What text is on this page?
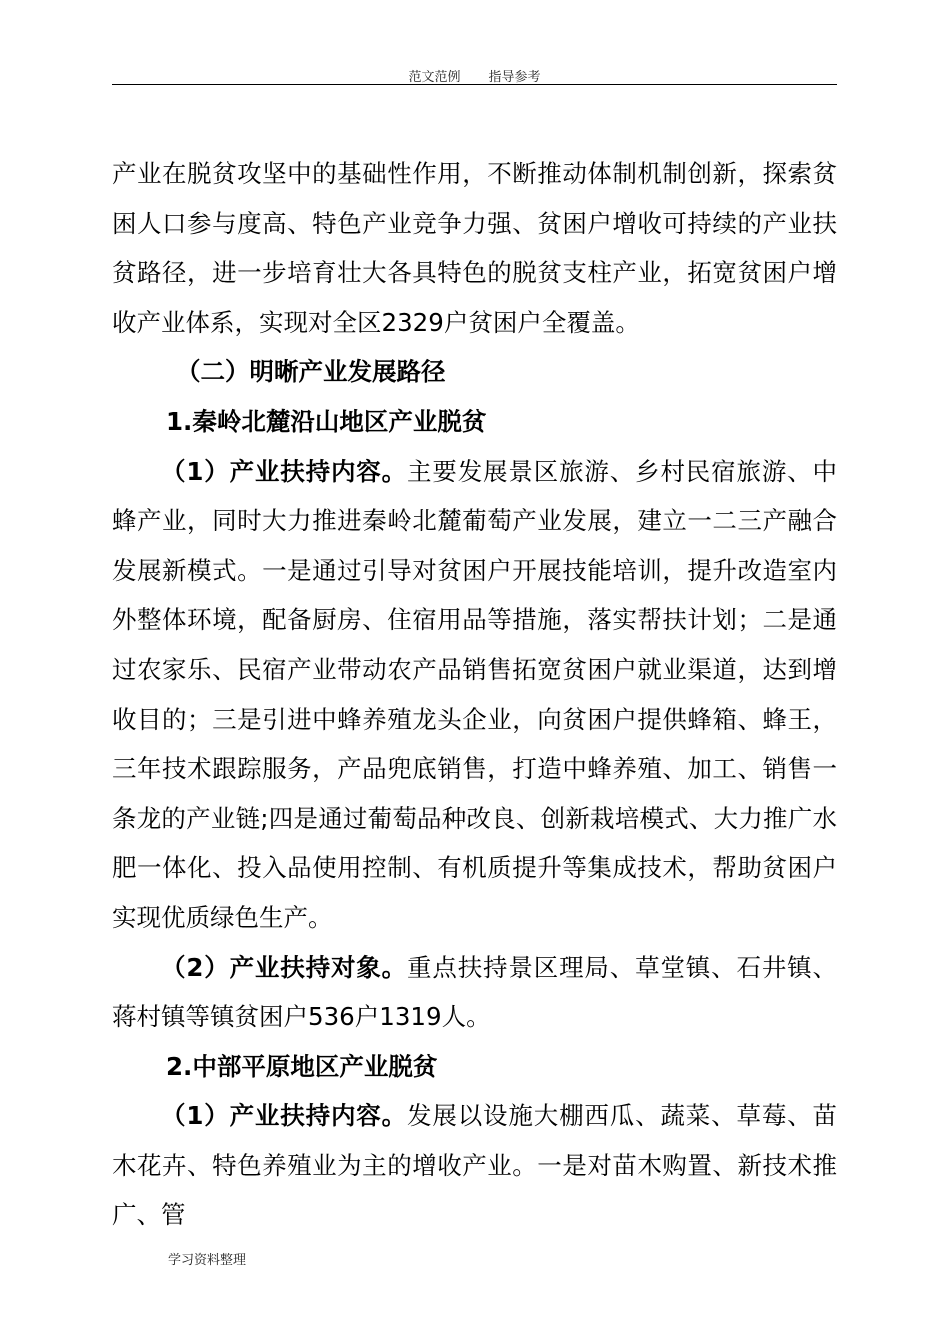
范文范例 指导参考

产业在脱贫攻坚中的基础性作用，不断推动体制机制创新，探索贫困人口参与度高、特色产业竞争力强、贫困户增收可持续的产业扶贫路径，进一步培育壮大各具特色的脱贫支柱产业，拓宽贫困户增收产业体系，实现对全区2329户贫困户全覆盖。

（二）明晰产业发展路径

1.秦岭北麓沿山地区产业脱贫

（1）产业扶持内容。主要发展景区旅游、乡村民宿旅游、中蜂产业，同时大力推进秦岭北麓葡萄产业发展，建立一二三产融合发展新模式。一是通过引导对贫困户开展技能培训，提升改造室内外整体环境，配备厨房、住宿用品等措施，落实帮扶计划；二是通过农家乐、民宿产业带动农产品销售拓宽贫困户就业渠道，达到增收目的；三是引进中蜂养殖龙头企业，向贫困户提供蜂箱、蜂王，三年技术跟踪服务，产品兜底销售，打造中蜂养殖、加工、销售一条龙的产业链;四是通过葡萄品种改良、创新栽培模式、大力推广水肥一体化、投入品使用控制、有机质提升等集成技术，帮助贫困户实现优质绿色生产。

（2）产业扶持对象。重点扶持景区理局、草堂镇、石井镇、蒋村镇等镇贫困户536户1319人。

2.中部平原地区产业脱贫

（1）产业扶持内容。发展以设施大棚西瓜、蔬菜、草莓、苗木花卉、特色养殖业为主的增收产业。一是对苗木购置、新技术推广、管

学习资料整理
